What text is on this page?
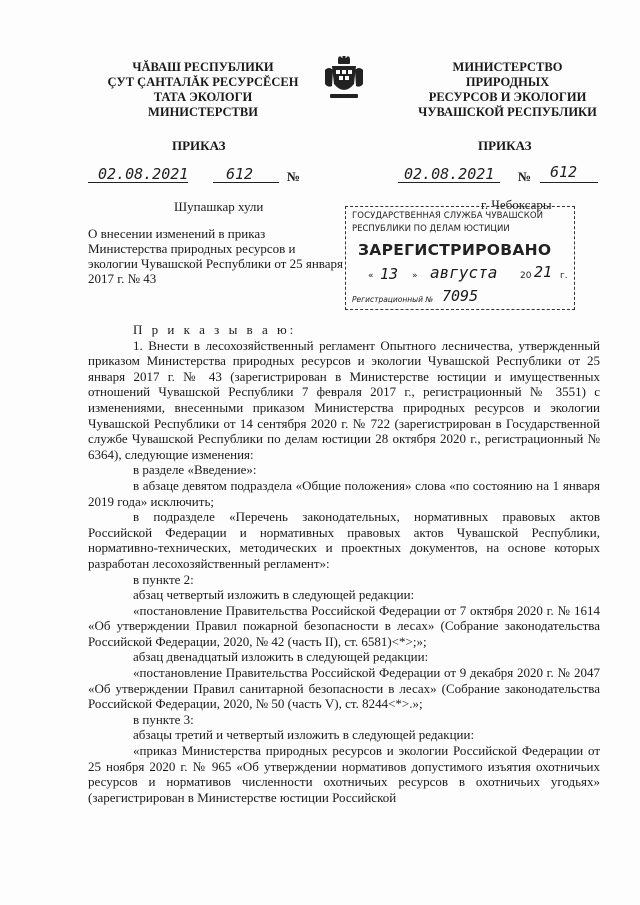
ЧĂВАШ РЕСПУБЛИКИ
ÇУТ ÇАНТАЛĂК РЕСУРСĔСЕН
ТАТА ЭКОЛОГИ
МИНИСТЕРСТВИ
МИНИСТЕРСТВО
ПРИРОДНЫХ
РЕСУРСОВ И ЭКОЛОГИИ
ЧУВАШСКОЙ РЕСПУБЛИКИ
ПРИКАЗ	ПРИКАЗ
02.08.2021	612	№	02.08.2021 № 612
Шупашкар хули	г. Чебоксары
О внесении изменений в приказ Министерства природных ресурсов и экологии Чувашской Республики от 25 января 2017 г. № 43
ГОСУДАРСТВЕННАЯ СЛУЖБА ЧУВАШСКОЙ
РЕСПУБЛИКИ ПО ДЕЛАМ ЮСТИЦИИ
ЗАРЕГИСТРИРОВАНО
« 13 » августа	20 21 г.
Регистрационный № 7095

П р и к а з ы в а ю:

1. Внести в лесохозяйственный регламент Опытного лесничества, утвержденный приказом Министерства природных ресурсов и экологии Чувашской Республики от 25 января 2017 г. № 43 (зарегистрирован в Министерстве юстиции и имущественных отношений Чувашской Республики 7 февраля 2017 г., регистрационный № 3551) с изменениями, внесенными приказом Министерства природных ресурсов и экологии Чувашской Республики от 14 сентября 2020 г. № 722 (зарегистрирован в Государственной службе Чувашской Республики по делам юстиции 28 октября 2020 г., регистрационный № 6364), следующие изменения:

в разделе «Введение»:

в абзаце девятом подраздела «Общие положения» слова «по состоянию на 1 января 2019 года» исключить;

в подразделе «Перечень законодательных, нормативных правовых актов Российской Федерации и нормативных правовых актов Чувашской Республики, нормативно-технических, методических и проектных документов, на основе которых разработан лесохозяйственный регламент»:

в пункте 2:

абзац четвертый изложить в следующей редакции:

«постановление Правительства Российской Федерации от 7 октября 2020 г. № 1614 «Об утверждении Правил пожарной безопасности в лесах» (Собрание законодательства Российской Федерации, 2020, № 42 (часть II), ст. 6581)<*>;»;

абзац двенадцатый изложить в следующей редакции:

«постановление Правительства Российской Федерации от 9 декабря 2020 г. № 2047 «Об утверждении Правил санитарной безопасности в лесах» (Собрание законодательства Российской Федерации, 2020, № 50 (часть V), ст. 8244<*>.»;

в пункте 3:

абзацы третий и четвертый изложить в следующей редакции:

«приказ Министерства природных ресурсов и экологии Российской Федерации от 25 ноября 2020 г. № 965 «Об утверждении нормативов допустимого изъятия охотничьих ресурсов и нормативов численности охотничьих ресурсов в охотничьих угодьях» (зарегистрирован в Министерстве юстиции Российской
